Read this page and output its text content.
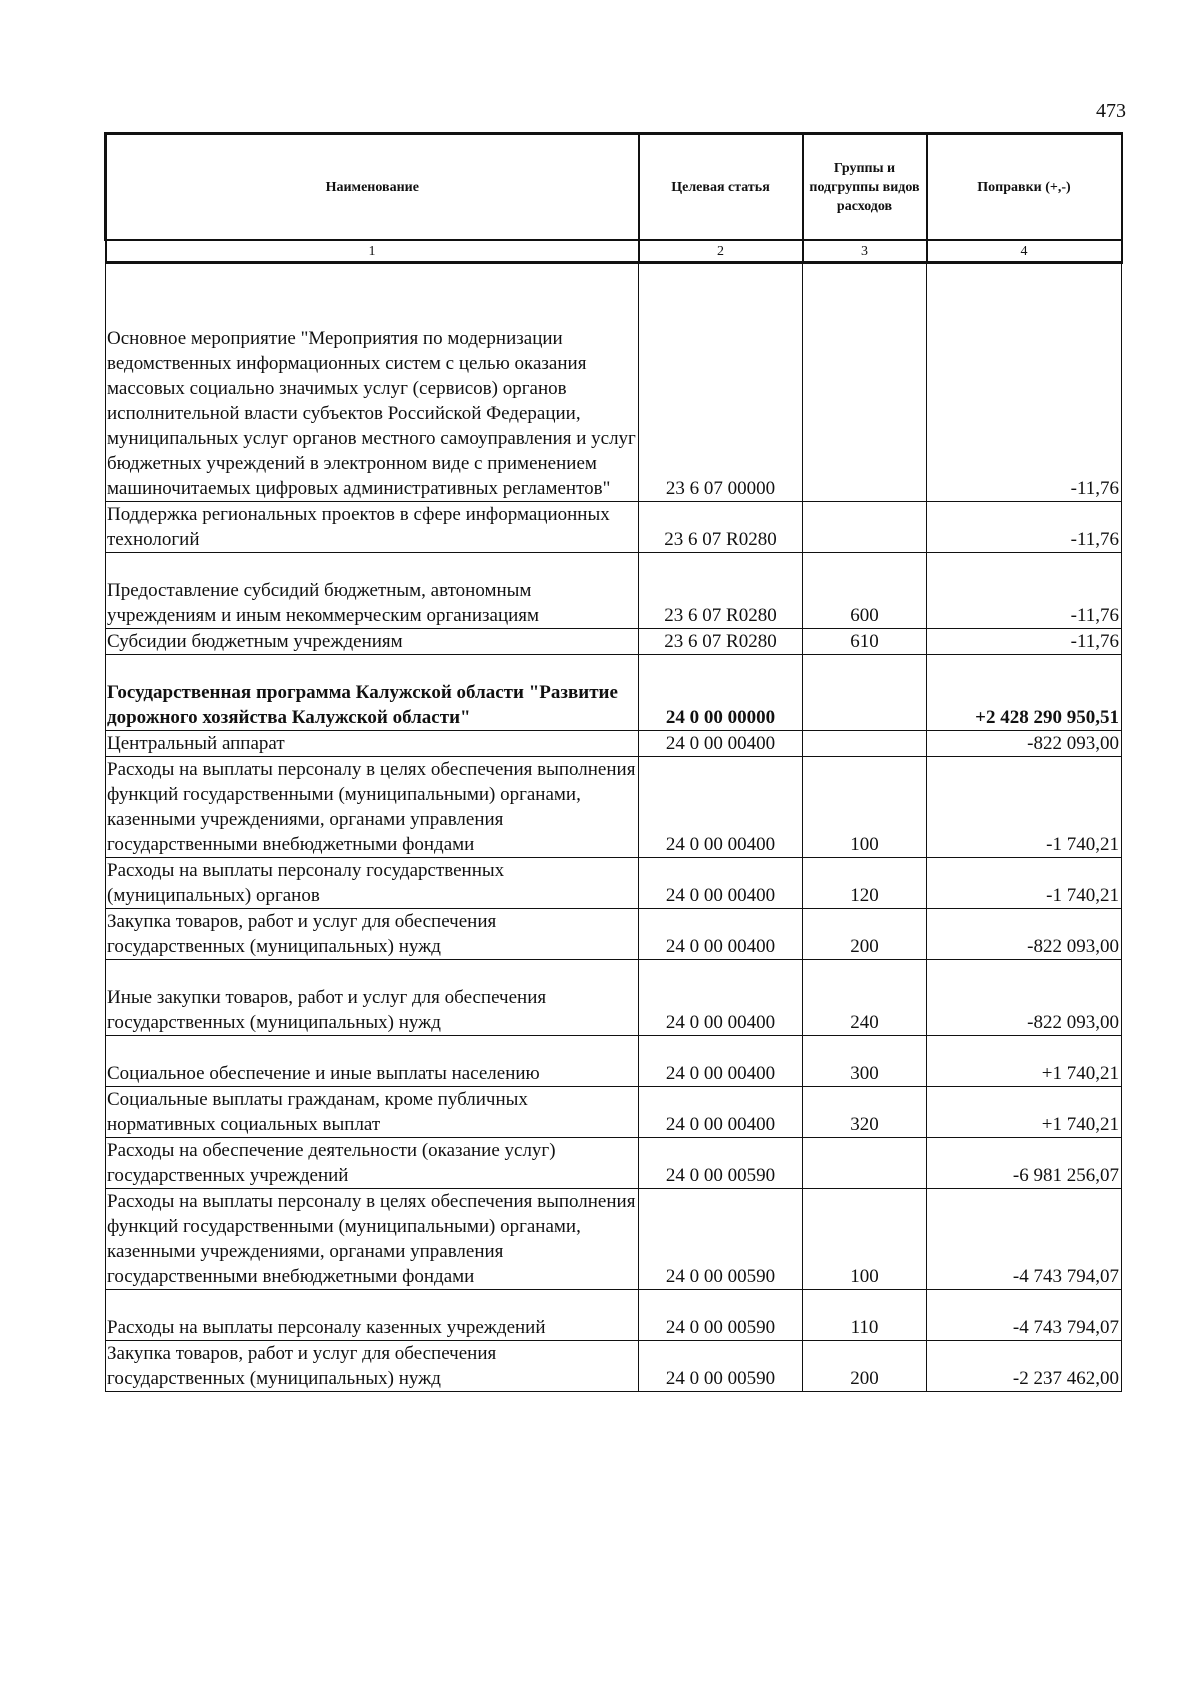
473
Наименование	Целевая статья	Группы и подгруппы видов расходов	Поправки (+,-)
1	2	3	4
Основное мероприятие "Мероприятия по модернизации ведомственных информационных систем с целью оказания массовых социально значимых услуг (сервисов) органов исполнительной власти субъектов Российской Федерации, муниципальных услуг органов местного самоуправления и услуг бюджетных учреждений в электронном виде с применением машиночитаемых цифровых административных регламентов"	23 6 07 00000		-11,76
Поддержка региональных проектов в сфере информационных технологий	23 6 07 R0280		-11,76
Предоставление субсидий бюджетным, автономным учреждениям и иным некоммерческим организациям	23 6 07 R0280	600	-11,76
Субсидии бюджетным учреждениям	23 6 07 R0280	610	-11,76
Государственная программа Калужской области "Развитие дорожного хозяйства Калужской области"	24 0 00 00000		+2 428 290 950,51
Центральный аппарат	24 0 00 00400		-822 093,00
Расходы на выплаты персоналу в целях обеспечения выполнения функций государственными (муниципальными) органами, казенными учреждениями, органами управления государственными внебюджетными фондами	24 0 00 00400	100	-1 740,21
Расходы на выплаты персоналу государственных (муниципальных) органов	24 0 00 00400	120	-1 740,21
Закупка товаров, работ и услуг для обеспечения государственных (муниципальных) нужд	24 0 00 00400	200	-822 093,00
Иные закупки товаров, работ и услуг для обеспечения государственных (муниципальных) нужд	24 0 00 00400	240	-822 093,00
Социальное обеспечение и иные выплаты населению	24 0 00 00400	300	+1 740,21
Социальные выплаты гражданам, кроме публичных нормативных социальных выплат	24 0 00 00400	320	+1 740,21
Расходы на обеспечение деятельности (оказание услуг) государственных учреждений	24 0 00 00590		-6 981 256,07
Расходы на выплаты персоналу в целях обеспечения выполнения функций государственными (муниципальными) органами, казенными учреждениями, органами управления государственными внебюджетными фондами	24 0 00 00590	100	-4 743 794,07
Расходы на выплаты персоналу казенных учреждений	24 0 00 00590	110	-4 743 794,07
Закупка товаров, работ и услуг для обеспечения государственных (муниципальных) нужд	24 0 00 00590	200	-2 237 462,00
